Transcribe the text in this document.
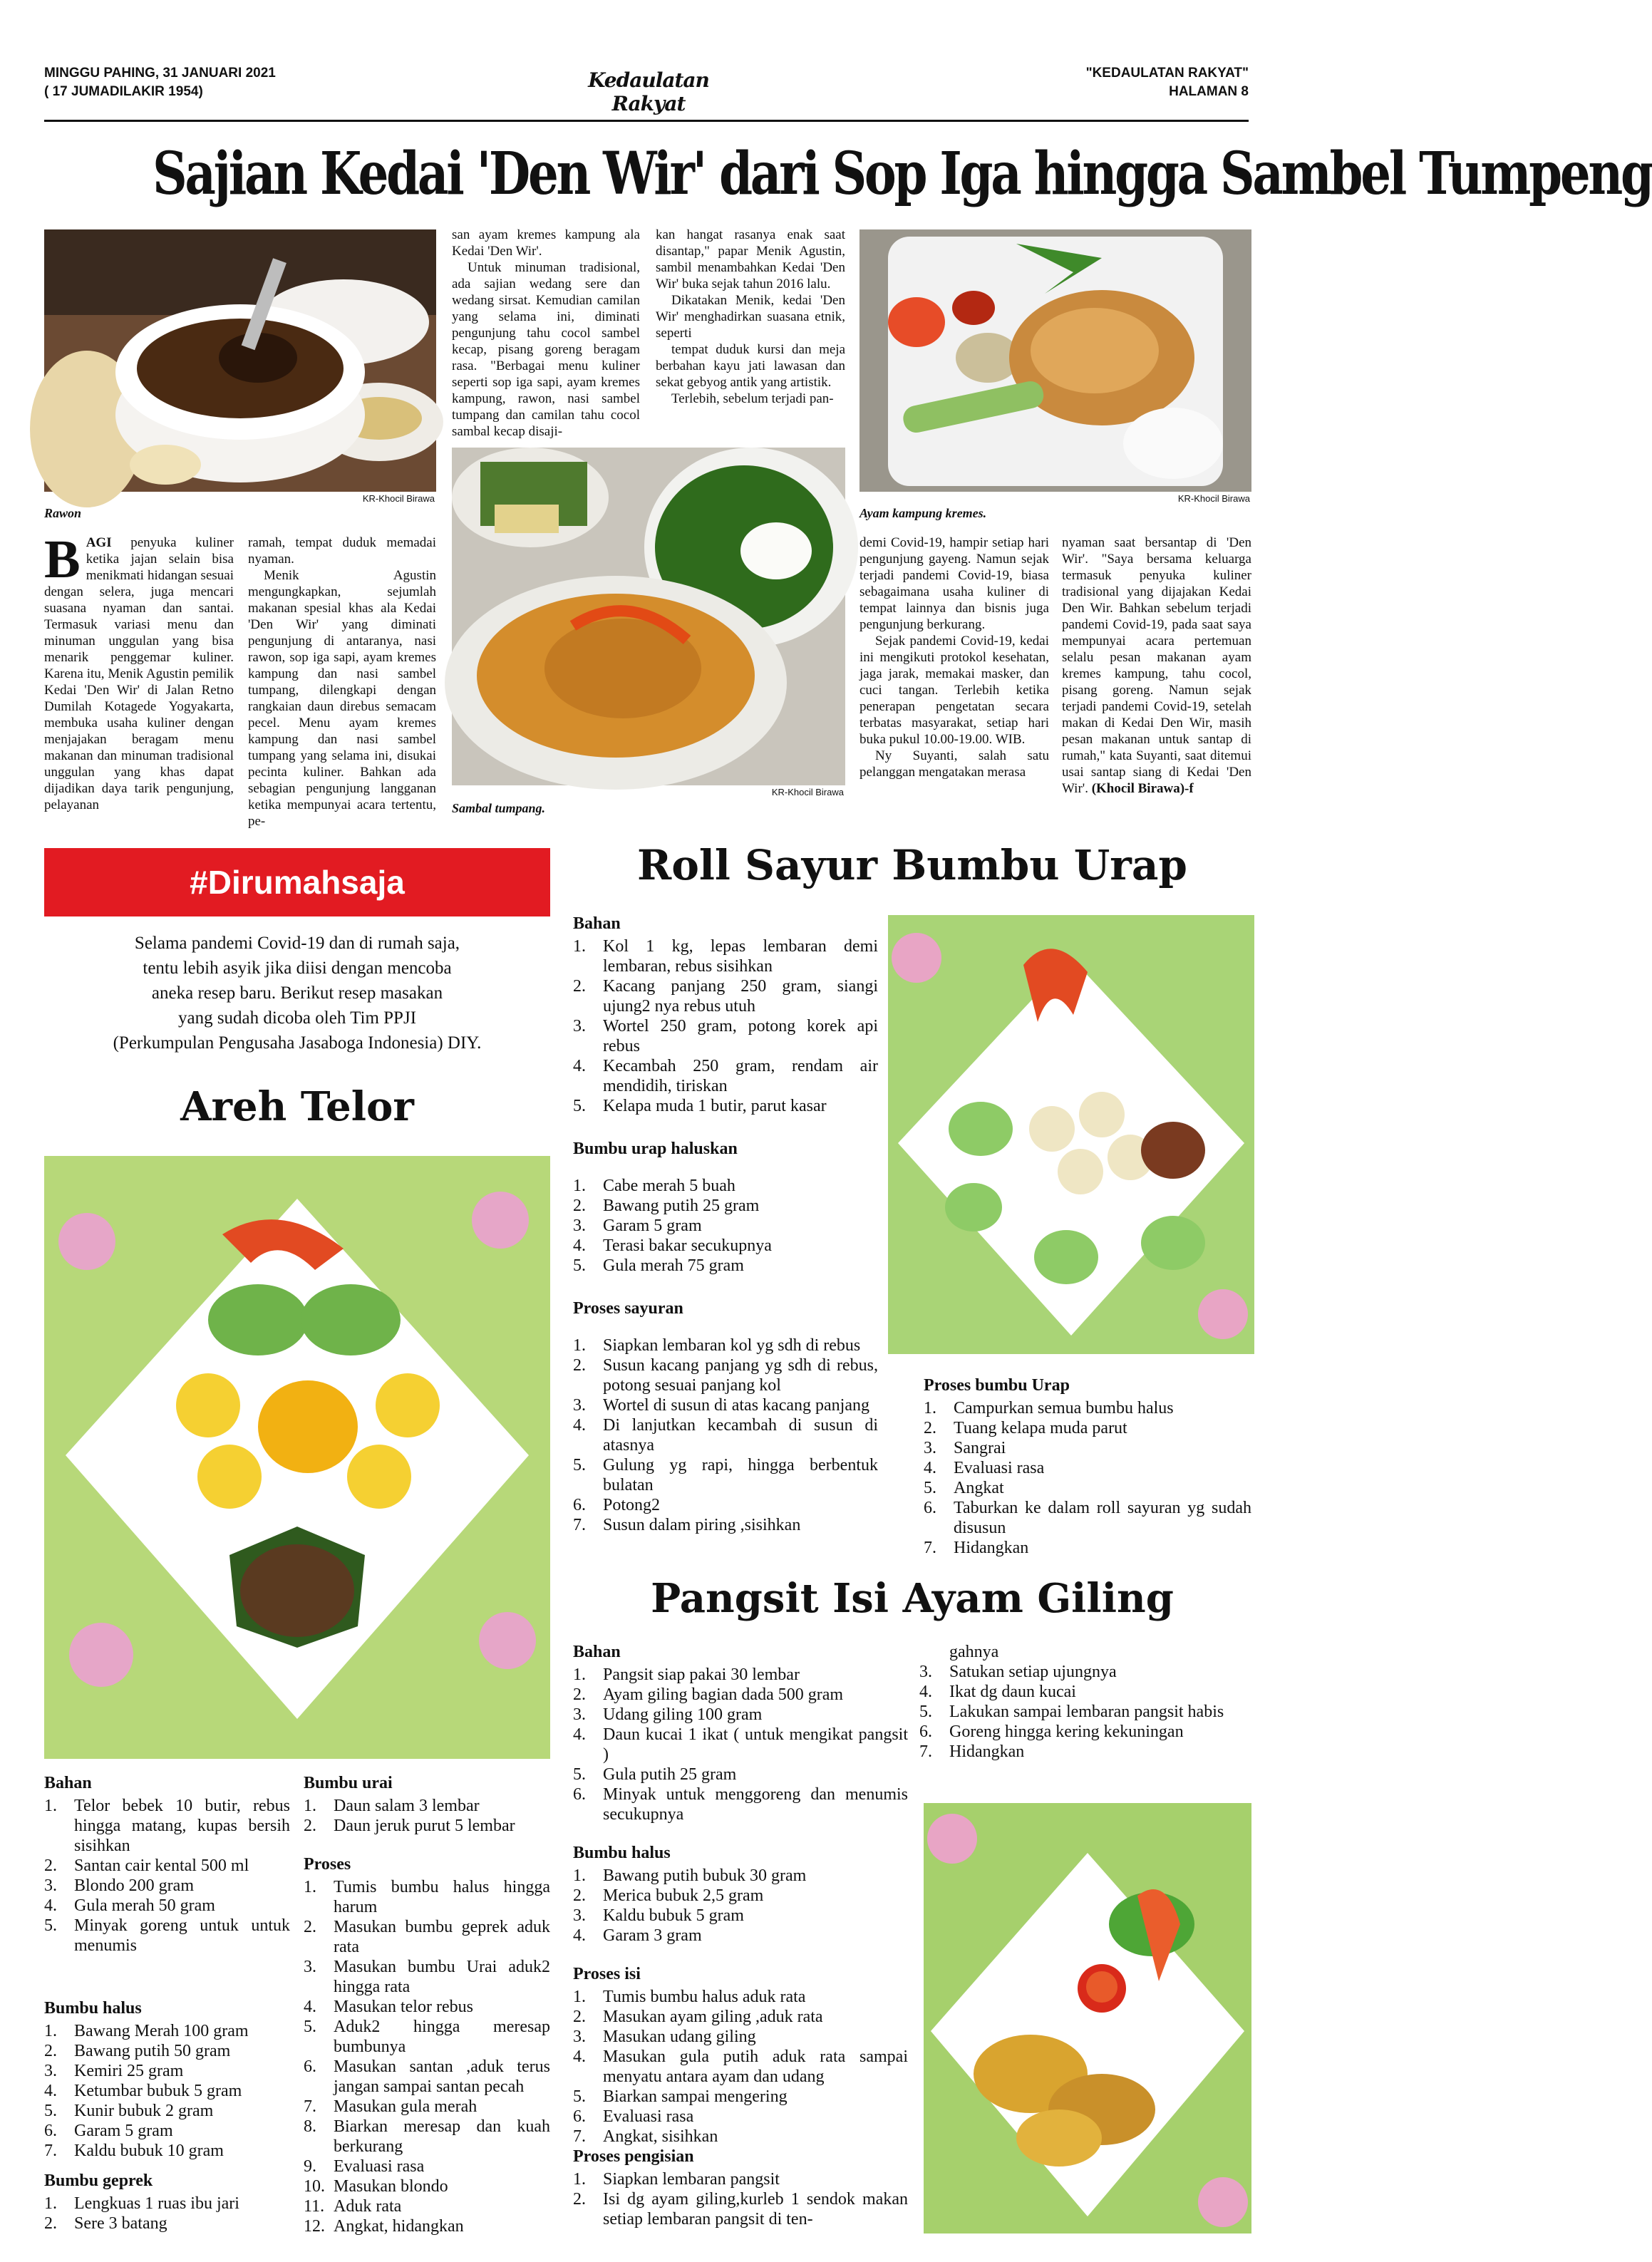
MINGGU PAHING, 31 JANUARI 2021
( 17 JUMADILAKIR 1954)	Kedaulatan Rakyat
"KEDAULATAN RAKYAT"
HALAMAN 8
Sajian Kedai 'Den Wir' dari Sop Iga hingga Sambel Tumpeng
KR-Khocil Birawa
Rawon
KR-Khocil Birawa
Sambal tumpang.
KR-Khocil Birawa
Ayam kampung kremes.

BAGI penyuka kuliner ketika jajan selain bisa menikmati hidangan sesuai dengan selera, juga mencari suasana nyaman dan santai. Termasuk variasi menu dan minuman unggulan yang bisa menarik penggemar kuliner. Karena itu, Menik Agustin pemilik Kedai 'Den Wir' di Jalan Retno Dumilah Kotagede Yogyakarta, membuka usaha kuliner dengan menjajakan beragam menu makanan dan minuman tradisional unggulan yang khas dapat dijadikan daya tarik pengunjung, pelayanan

ramah, tempat duduk memadai nyaman.

Menik Agustin mengungkapkan, sejumlah makanan spesial khas ala Kedai 'Den Wir' yang diminati pengunjung di antaranya, nasi rawon, sop iga sapi, ayam kremes kampung dan nasi sambel tumpang, dilengkapi dengan rangkaian daun direbus semacam pecel. Menu ayam kremes kampung dan nasi sambel tumpang yang selama ini, disukai pecinta kuliner. Bahkan ada sebagian pengunjung langganan ketika mempunyai acara tertentu, pe-

san ayam kremes kampung ala Kedai 'Den Wir'.

Untuk minuman tradisional, ada sajian wedang sere dan wedang sirsat. Kemudian camilan yang selama ini, diminati pengunjung tahu cocol sambel kecap, pisang goreng beragam rasa. "Berbagai menu kuliner seperti sop iga sapi, ayam kremes kampung, rawon, nasi sambel tumpang dan camilan tahu cocol sambal kecap disaji-

kan hangat rasanya enak saat disantap," papar Menik Agustin, sambil menambahkan Kedai 'Den Wir' buka sejak tahun 2016 lalu.

Dikatakan Menik, kedai 'Den Wir' menghadirkan suasana etnik, seperti

tempat duduk kursi dan meja berbahan kayu jati lawasan dan sekat gebyog antik yang artistik.

Terlebih, sebelum terjadi pan-

demi Covid-19, hampir setiap hari pengunjung gayeng. Namun sejak terjadi pandemi Covid-19, biasa sebagaimana usaha kuliner di tempat lainnya dan bisnis juga pengunjung berkurang.

Sejak pandemi Covid-19, kedai ini mengikuti protokol kesehatan, jaga jarak, memakai masker, dan cuci tangan. Terlebih ketika penerapan pengetatan secara terbatas masyarakat, setiap hari buka pukul 10.00-19.00. WIB.

Ny Suyanti, salah satu pelanggan mengatakan merasa

nyaman saat bersantap di 'Den Wir'. "Saya bersama keluarga termasuk penyuka kuliner tradisional yang dijajakan Kedai Den Wir. Bahkan sebelum terjadi pandemi Covid-19, pada saat saya mempunyai acara pertemuan selalu pesan makanan ayam kremes kampung, tahu cocol, pisang goreng. Namun sejak terjadi pandemi Covid-19, setelah makan di Kedai Den Wir, masih pesan makanan untuk santap di rumah," kata Suyanti, saat ditemui usai santap siang di Kedai 'Den Wir'. (Khocil Birawa)-f

#Dirumahsaja
Selama pandemi Covid-19 dan di rumah saja,
tentu lebih asyik jika diisi dengan mencoba
aneka resep baru. Berikut resep masakan
yang sudah dicoba oleh Tim PPJI
(Perkumpulan Pengusaha Jasaboga Indonesia) DIY.
Areh Telor
Bahan
1. Telor bebek 10 butir, rebus hingga matang, kupas bersih sisihkan
2. Santan cair kental 500 ml
3. Blondo 200 gram
4. Gula merah 50 gram
5. Minyak goreng untuk untuk menumis
Bumbu halus
1. Bawang Merah 100 gram
2. Bawang putih 50 gram
3. Kemiri 25 gram
4. Ketumbar bubuk 5 gram
5. Kunir bubuk 2 gram
6. Garam 5 gram
7. Kaldu bubuk 10 gram
Bumbu geprek
1. Lengkuas 1 ruas ibu jari
2. Sere 3 batang
Bumbu urai
1. Daun salam 3 lembar
2. Daun jeruk purut 5 lembar
Proses
1. Tumis bumbu halus hingga harum
2. Masukan bumbu geprek aduk rata
3. Masukan bumbu Urai aduk2 hingga rata
4. Masukan telor rebus
5. Aduk2 hingga meresap bumbunya
6. Masukan santan ,aduk terus jangan sampai santan pecah
7. Masukan gula merah
8. Biarkan meresap dan kuah berkurang
9. Evaluasi rasa
10. Masukan blondo
11. Aduk rata
12. Angkat, hidangkan
Roll Sayur Bumbu Urap
Bahan
1. Kol 1 kg, lepas lembaran demi lembaran, rebus sisihkan
2. Kacang panjang 250 gram, siangi ujung2 nya rebus utuh
3. Wortel 250 gram, potong korek api rebus
4. Kecambah 250 gram, rendam air mendidih, tiriskan
5. Kelapa muda 1 butir, parut kasar
Bumbu urap haluskan
1. Cabe merah 5 buah
2. Bawang putih 25 gram
3. Garam 5 gram
4. Terasi bakar secukupnya
5. Gula merah 75 gram
Proses sayuran
1. Siapkan lembaran kol yg sdh di rebus
2. Susun kacang panjang yg sdh di rebus, potong sesuai panjang kol
3. Wortel di susun di atas kacang panjang
4. Di lanjutkan kecambah di susun di atasnya
5. Gulung yg rapi, hingga berbentuk bulatan
6. Potong2
7. Susun dalam piring ,sisihkan
Proses bumbu Urap
1. Campurkan semua bumbu halus
2. Tuang kelapa muda parut
3. Sangrai
4. Evaluasi rasa
5. Angkat
6. Taburkan ke dalam roll sayuran yg sudah disusun
7. Hidangkan
Pangsit Isi Ayam Giling
Bahan
1. Pangsit siap pakai 30 lembar
2. Ayam giling bagian dada 500 gram
3. Udang giling 100 gram
4. Daun kucai 1 ikat ( untuk mengikat pangsit )
5. Gula putih 25 gram
6. Minyak untuk menggoreng dan menumis secukupnya
Bumbu halus
1. Bawang putih bubuk 30 gram
2. Merica bubuk 2,5 gram
3. Kaldu bubuk 5 gram
4. Garam 3 gram
Proses isi
1. Tumis bumbu halus aduk rata
2. Masukan ayam giling ,aduk rata
3. Masukan udang giling
4. Masukan gula putih aduk rata sampai menyatu antara ayam dan udang
5. Biarkan sampai mengering
6. Evaluasi rasa
7. Angkat, sisihkan
Proses pengisian
1. Siapkan lembaran pangsit
2. Isi dg ayam giling,kurleb 1 sendok makan setiap lembaran pangsit di ten-
gahnya
3. Satukan setiap ujungnya
4. Ikat dg daun kucai
5. Lakukan sampai lembaran pangsit habis
6. Goreng hingga kering kekuningan
7. Hidangkan
